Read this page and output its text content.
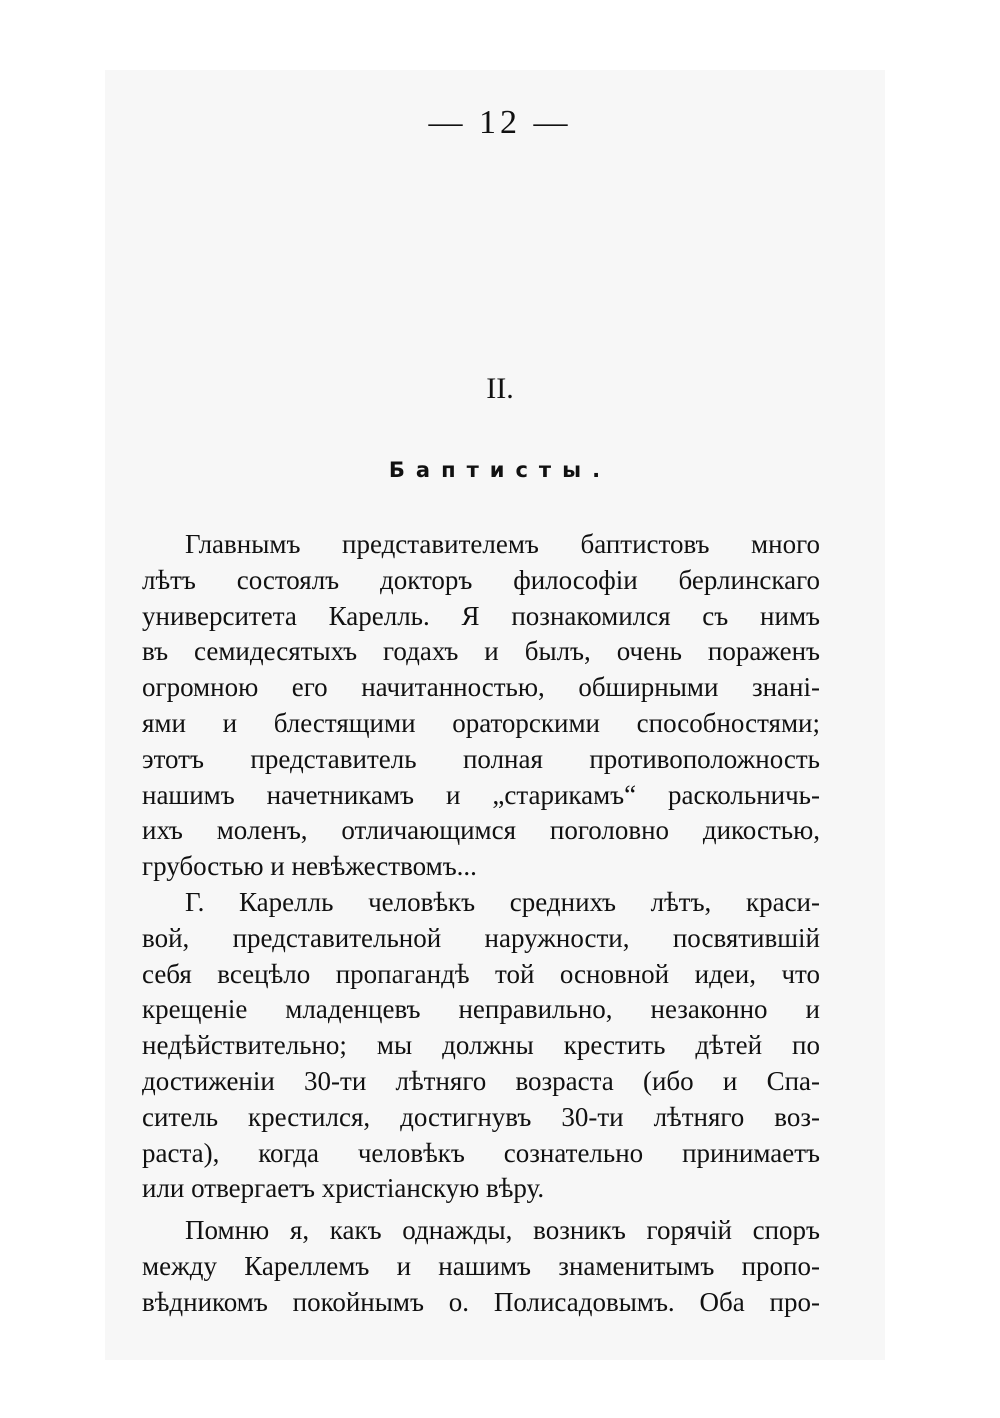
— 12 —
II.
Баптисты.
Главнымъ представителемъ баптистовъ много
лѣтъ состоялъ докторъ философіи берлинскаго
университета Карелль. Я познакомился съ нимъ
въ семидесятыхъ годахъ и былъ, очень пораженъ
огромною его начитанностью, обширными знані-
ями и блестящими ораторскими способностями;
этотъ представитель полная противоположность
нашимъ начетникамъ и „старикамъ“ раскольничь-
ихъ моленъ, отличающимся поголовно дикостью,
грубостью и невѣжествомъ...
Г. Карелль человѣкъ среднихъ лѣтъ, краси-
вой, представительной наружности, посвятившій
себя всецѣло пропагандѣ той основной идеи, что
крещеніе младенцевъ неправильно, незаконно и
недѣйствительно; мы должны крестить дѣтей по
достиженіи 30-ти лѣтняго возраста (ибо и Спа-
ситель крестился, достигнувъ 30-ти лѣтняго воз-
раста), когда человѣкъ сознательно принимаетъ
или отвергаетъ христіанскую вѣру.
Помню я, какъ однажды, возникъ горячій споръ
между Кареллемъ и нашимъ знаменитымъ пропо-
вѣдникомъ покойнымъ о. Полисадовымъ. Оба про-
